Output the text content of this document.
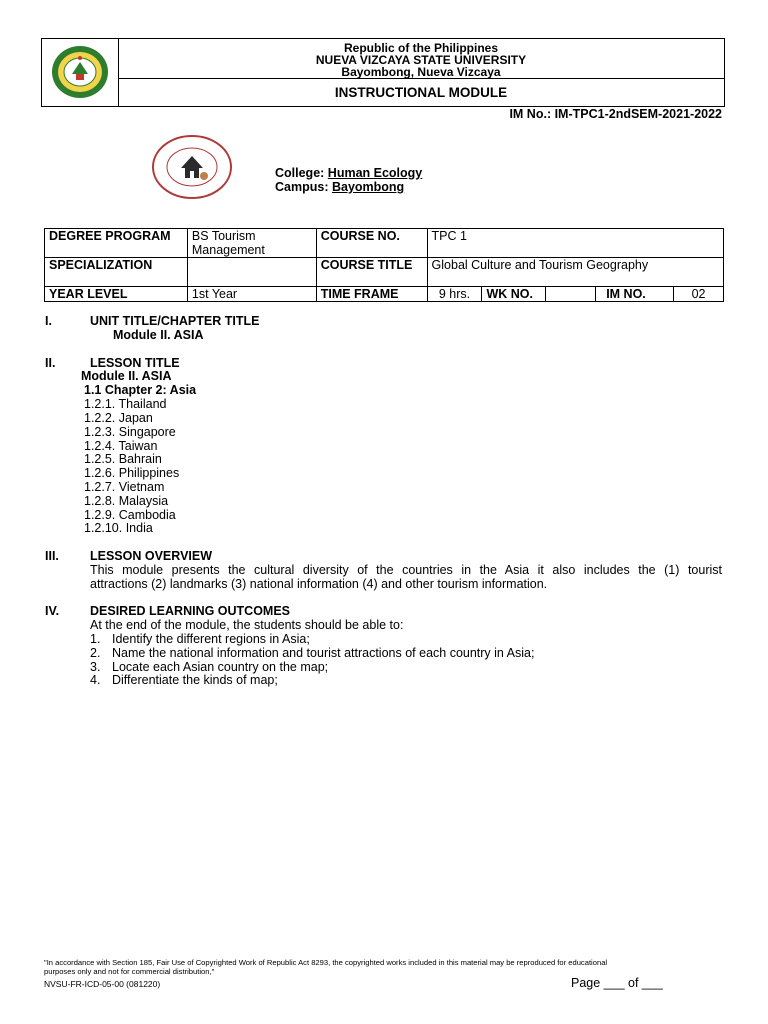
Republic of the Philippines
NUEVA VIZCAYA STATE UNIVERSITY
Bayombong, Nueva Vizcaya
INSTRUCTIONAL MODULE
IM No.: IM-TPC1-2ndSEM-2021-2022
College: Human Ecology
Campus: Bayombong
DEGREE PROGRAM	BS Tourism Management	COURSE NO.	TPC 1				
SPECIALIZATION		COURSE TITLE	Global Culture and Tourism Geography				
YEAR LEVEL	1st Year	TIME FRAME	9 hrs.	WK NO.		IM NO.	02
I.	UNIT TITLE/CHAPTER TITLE
Module II. ASIA
II.	LESSON TITLE
Module II. ASIA
1.1 Chapter 2: Asia
1.2.1. Thailand
1.2.2. Japan
1.2.3. Singapore
1.2.4. Taiwan
1.2.5. Bahrain
1.2.6. Philippines
1.2.7. Vietnam
1.2.8. Malaysia
1.2.9. Cambodia
1.2.10. India
III. LESSON OVERVIEW
This module presents the cultural diversity of the countries in the Asia it also includes the (1) tourist
attractions (2) landmarks (3) national information (4) and other tourism information.
IV. DESIRED LEARNING OUTCOMES
At the end of the module, the students should be able to:
1. Identify the different regions in Asia;
2. Name the national information and tourist attractions of each country in Asia;
3. Locate each Asian country on the map;
4. Differentiate the kinds of map;
"In accordance with Section 185, Fair Use of Copyrighted Work of Republic Act 8293, the copyrighted works included in this material may be reproduced for educational
purposes only and not for commercial distribution,"
NVSU-FR-ICD-05-00 (081220)	Page ___ of ___
